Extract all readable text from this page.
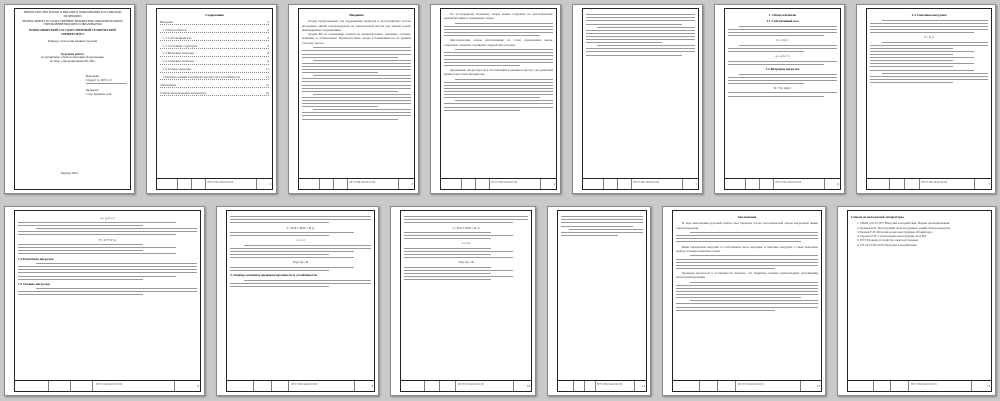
МИНИСТЕРСТВО НАУКИ И ВЫСШЕГО ОБРАЗОВАНИЯ РОССИЙСКОЙ ФЕДЕРАЦИИ
ФЕДЕРАЛЬНОЕ ГОСУДАРСТВЕННОЕ БЮДЖЕТНОЕ ОБРАЗОВАТЕЛЬНОЕ УЧРЕЖДЕНИЕ ВЫСШЕГО ОБРАЗОВАНИЯ
НОВОСИБИРСКИЙ ГОСУДАРСТВЕННЫЙ ТЕХНИЧЕСКИЙ УНИВЕРСИТЕТ
Кафедра технологии машиностроения
Курсовая работа
по дисциплине «Технологический оборудование»
на тему: «Проектирование БЭ-346»
Выполнил:
Студент гр. ФТТ-1/3
Проверил:
Ст.пр. Бушкова А.И.
Барнаул 2019
НГТУ.ТМ.346.00.00 ПЗ	2
Содержание
Введение	3
1 Обзор патентов	4
1.1 Собственный вал	6
1.2 Состояние структуры	6
1.3 Ветровые нагрузки	8
1.4 Снеговые нагрузки	9
1.5 Осевые нагрузки	11
2 Подбор сечения и проверка прочности и устойчивости	13
Заключение	15
Список используемой литературы	16
НГТУ.ТМ.346.00.00 ПЗ	3
Введение

Опоры предназначены для поддержания проводов и грозозащитных тросов воздушных линий электропередачи на определенной высоте над землей, водой, инженерными сооружениями.

Опоры ВЛ по назначению делятся на промежуточные, анкерные, угловые, концевые и специальные. Промежуточные опоры устанавливаются на прямых участках трассы.

НГТУ.ТМ.346.00.00 ПЗ	4

По исследуемому материалу опоры можно разделить на металлические, железобетонные и деревянные опоры.

Металлические опоры изготавливают из стали специальных марок, отдельные элементы соединяют сваркой или болтами.

Деревянные опоры просты в изготовлении и дешевы в местах, где древесина является местным материалом.

НГТУ.ТМ.346.00.00 ПЗ	5	НГТУ.ТМ.346.00.00 ПЗ	6
1. Обзор патентов
1.1 Собственный вал
G = Σ gᵢ·lᵢ
q = q₀·k·c·γ
1.2 Ветровая нагрузка
W = W₀·k(z)·c
НГТУ.ТМ.346.00.00 ПЗ	7
1.3 Снеговые нагрузки
S = S₀·μ
НГТУ.ТМ.346.00.00 ПЗ	8
q = q₀·k·c·γ
F = 0,75·W·A
1.4 Расчетная нагрузка
1.5 Осевые нагрузки
НГТУ.ТМ.346.00.00 ПЗ	9
σ = N/A + M/W ≤ R·γc
λ = l₀/i
N/(φ·A) ≤ R
2. Подбор сечения и проверка прочности и устойчивости
НГТУ.ТМ.346.00.00 ПЗ	10
σ = N/A + M/W ≤ R·γc
λ = l₀/i
N/(φ·A) ≤ R
НГТУ.ТМ.346.00.00 ПЗ	11	НГТУ.ТМ.346.00.00 ПЗ	12
Заключение

В ходе выполнения курсовой работы был проведен расчет металлической опоры воздушной линии электропередачи.

Были определены нагрузки от собственного веса, ветровые и снеговые нагрузки, а также выполнен подбор сечения элементов опоры.

Проверка прочности и устойчивости показала, что принятые сечения удовлетворяют требованиям норм проектирования.

НГТУ.ТМ.346.00.00 ПЗ	13
Список используемой литературы

1. СНиП 2.01.07-85* Нагрузки и воздействия. Нормы проектирования.

2. Крюков К.П. Конструкции опор воздушных линий электропередачи.

3. Беленя Е.И. Металлические конструкции. Общий курс.

4. Горохов Е.В. Строительные конструкции опор ВЛ.

5. ПУЭ Правила устройства электроустановок.

6. СП 20.13330.2016 Нагрузки и воздействия.
